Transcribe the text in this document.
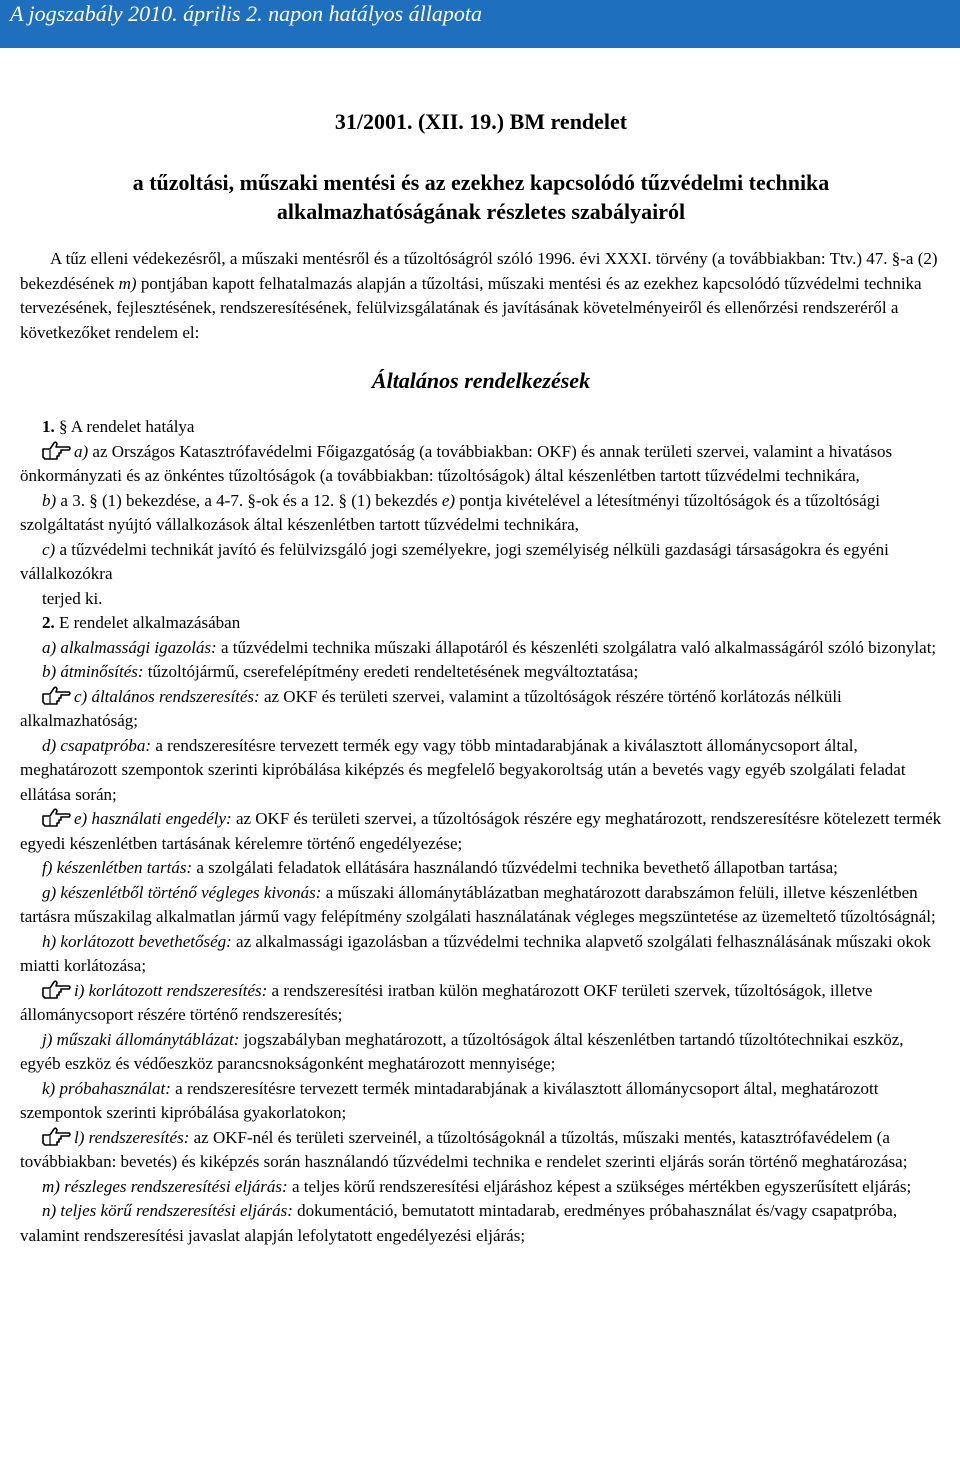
A jogszabály 2010. április 2. napon hatályos állapota
31/2001. (XII. 19.) BM rendelet
a tűzoltási, műszaki mentési és az ezekhez kapcsolódó tűzvédelmi technika
alkalmazhatóságának részletes szabályairól

A tűz elleni védekezésről, a műszaki mentésről és a tűzoltóságról szóló 1996. évi XXXI. törvény (a továbbiakban: Ttv.) 47. §-a (2) bekezdésének m) pontjában kapott felhatalmazás alapján a tűzoltási, műszaki mentési és az ezekhez kapcsolódó tűzvédelmi technika tervezésének, fejlesztésének, rendszeresítésének, felülvizsgálatának és javításának követelményeiről és ellenőrzési rendszeréről a következőket rendelem el:

Általános rendelkezések

1. § A rendelet hatálya

a) az Országos Katasztrófavédelmi Főigazgatóság (a továbbiakban: OKF) és annak területi szervei, valamint a hivatásos önkormányzati és az önkéntes tűzoltóságok (a továbbiakban: tűzoltóságok) által készenlétben tartott tűzvédelmi technikára,

b) a 3. § (1) bekezdése, a 4-7. §-ok és a 12. § (1) bekezdés e) pontja kivételével a létesítményi tűzoltóságok és a tűzoltósági szolgáltatást nyújtó vállalkozások által készenlétben tartott tűzvédelmi technikára,

c) a tűzvédelmi technikát javító és felülvizsgáló jogi személyekre, jogi személyiség nélküli gazdasági társaságokra és egyéni vállalkozókra

terjed ki.

2. E rendelet alkalmazásában

a) alkalmassági igazolás: a tűzvédelmi technika műszaki állapotáról és készenléti szolgálatra való alkalmasságáról szóló bizonylat;

b) átminősítés: tűzoltójármű, cserefelépítmény eredeti rendeltetésének megváltoztatása;

c) általános rendszeresítés: az OKF és területi szervei, valamint a tűzoltóságok részére történő korlátozás nélküli alkalmazhatóság;

d) csapatpróba: a rendszeresítésre tervezett termék egy vagy több mintadarabjának a kiválasztott állománycsoport által, meghatározott szempontok szerinti kipróbálása kiképzés és megfelelő begyakoroltság után a bevetés vagy egyéb szolgálati feladat ellátása során;

e) használati engedély: az OKF és területi szervei, a tűzoltóságok részére egy meghatározott, rendszeresítésre kötelezett termék egyedi készenlétben tartásának kérelemre történő engedélyezése;

f) készenlétben tartás: a szolgálati feladatok ellátására használandó tűzvédelmi technika bevethető állapotban tartása;

g) készenlétből történő végleges kivonás: a műszaki állománytáblázatban meghatározott darabszámon felüli, illetve készenlétben tartásra műszakilag alkalmatlan jármű vagy felépítmény szolgálati használatának végleges megszüntetése az üzemeltető tűzoltóságnál;

h) korlátozott bevethetőség: az alkalmassági igazolásban a tűzvédelmi technika alapvető szolgálati felhasználásának műszaki okok miatti korlátozása;

i) korlátozott rendszeresítés: a rendszeresítési iratban külön meghatározott OKF területi szervek, tűzoltóságok, illetve állománycsoport részére történő rendszeresítés;

j) műszaki állománytáblázat: jogszabályban meghatározott, a tűzoltóságok által készenlétben tartandó tűzoltótechnikai eszköz, egyéb eszköz és védőeszköz parancsnokságonként meghatározott mennyisége;

k) próbahasználat: a rendszeresítésre tervezett termék mintadarabjának a kiválasztott állománycsoport által, meghatározott szempontok szerinti kipróbálása gyakorlatokon;

l) rendszeresítés: az OKF-nél és területi szerveinél, a tűzoltóságoknál a tűzoltás, műszaki mentés, katasztrófavédelem (a továbbiakban: bevetés) és kiképzés során használandó tűzvédelmi technika e rendelet szerinti eljárás során történő meghatározása;

m) részleges rendszeresítési eljárás: a teljes körű rendszeresítési eljáráshoz képest a szükséges mértékben egyszerűsített eljárás;

n) teljes körű rendszeresítési eljárás: dokumentáció, bemutatott mintadarab, eredményes próbahasználat és/vagy csapatpróba, valamint rendszeresítési javaslat alapján lefolytatott engedélyezési eljárás;
